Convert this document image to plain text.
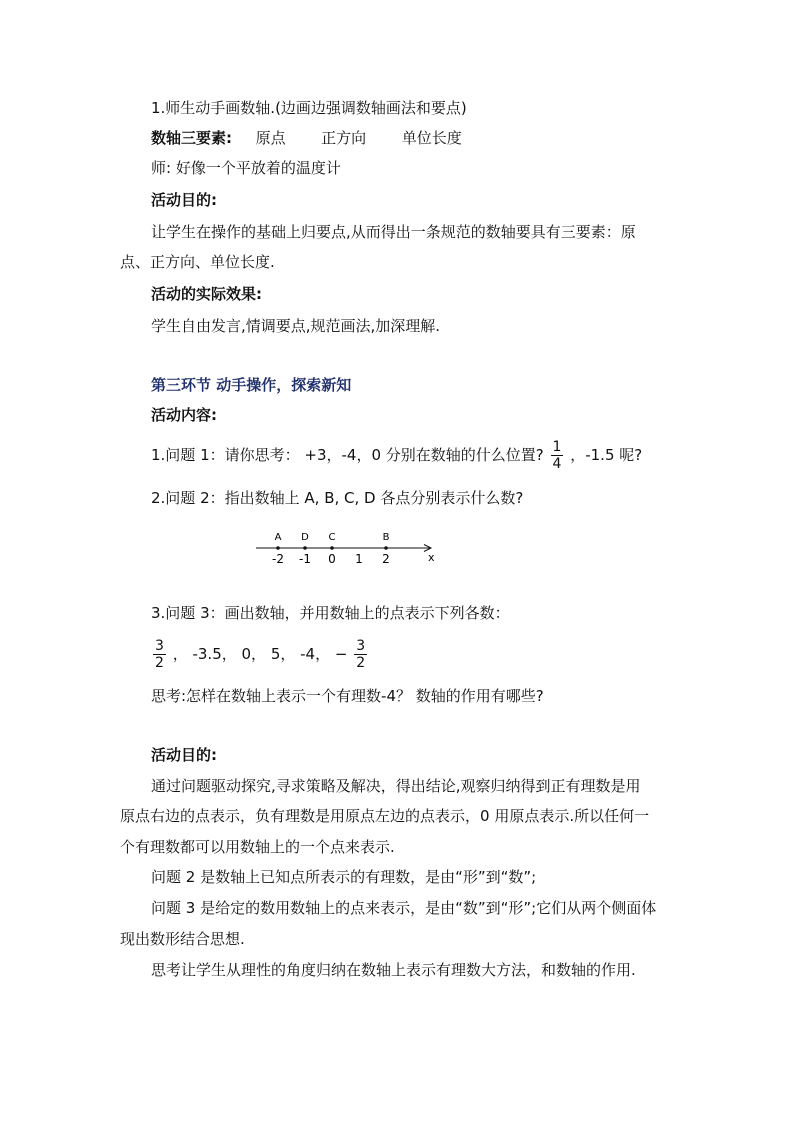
1.师生动手画数轴.(边画边强调数轴画法和要点)
数轴三要素: 原点 正方向 单位长度
师: 好像一个平放着的温度计
活动目的:
让学生在操作的基础上归要点,从而得出一条规范的数轴要具有三要素：原
点、正方向、单位长度.
活动的实际效果:
学生自由发言,情调要点,规范画法,加深理解.
第三环节 动手操作，探索新知
活动内容:
1.问题 1：请你思考： +3，-4，0 分别在数轴的什么位置? $\frac{1}{4}$ ，-1.5 呢?
2.问题 2：指出数轴上 A, B, C, D 各点分别表示什么数?
x
-2 -1 0 1 2
A D C	B
3.问题 3：画出数轴，并用数轴上的点表示下列各数：
$\frac{3}{2}$ ， -3.5， 0， 5， -4， − $\frac{3}{2}$
思考:怎样在数轴上表示一个有理数-4？ 数轴的作用有哪些?
活动目的:
通过问题驱动探究,寻求策略及解决，得出结论,观察归纳得到正有理数是用
原点右边的点表示，负有理数是用原点左边的点表示，0 用原点表示.所以任何一
个有理数都可以用数轴上的一个点来表示.
问题 2 是数轴上已知点所表示的有理数，是由“形”到“数”;
问题 3 是给定的数用数轴上的点来表示，是由“数”到“形”;它们从两个侧面体
现出数形结合思想.
思考让学生从理性的角度归纳在数轴上表示有理数大方法，和数轴的作用.
